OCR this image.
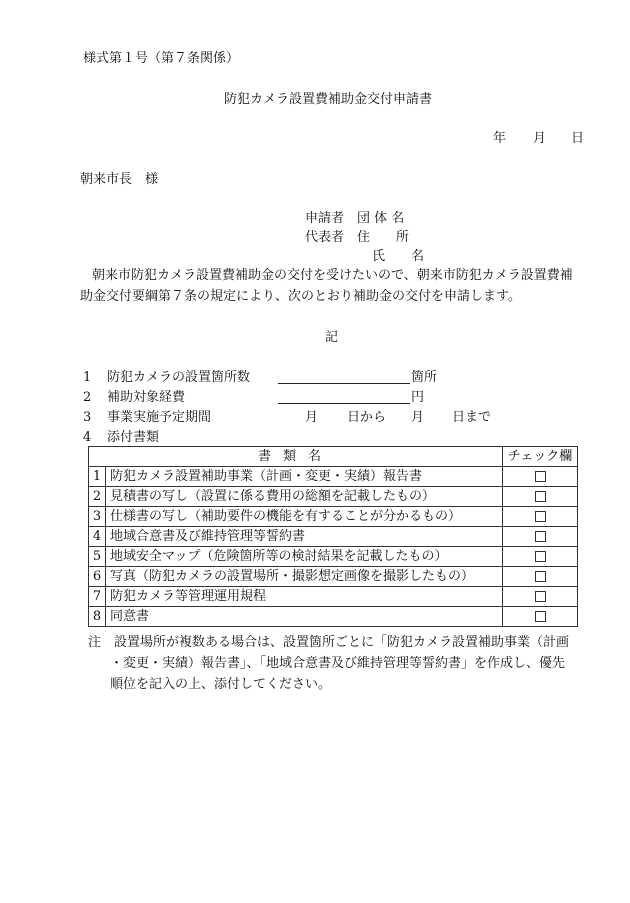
様式第１号（第７条関係）
防犯カメラ設置費補助金交付申請書
年 月 日
朝来市長　様
申請者 団 体 名
代表者 住　　所
氏　　名
朝来市防犯カメラ設置費補助金の交付を受けたいので、朝来市防犯カメラ設置費補
助金交付要綱第７条の規定により、次のとおり補助金の交付を申請します。
記
1 防犯カメラの設置箇所数	箇所
2 補助対象経費	円
3 事業実施予定期間	月 日から 月 日まで
4 添付書類
書類名		チェック欄
1	防犯カメラ設置補助事業（計画・変更・実績）報告書	
2	見積書の写し（設置に係る費用の総額を記載したもの）	
3	仕様書の写し（補助要件の機能を有することが分かるもの）	
4	地域合意書及び維持管理等誓約書	
5	地域安全マップ（危険箇所等の検討結果を記載したもの）	
6	写真（防犯カメラの設置場所・撮影想定画像を撮影したもの）	
7	防犯カメラ等管理運用規程	
8	同意書	
注　 設置場所が複数ある場合は、設置箇所ごとに「防犯カメラ設置補助事業（計画
・変更・実績）報告書」、「地域合意書及び維持管理等誓約書」を作成し、優先
順位を記入の上、添付してください。
